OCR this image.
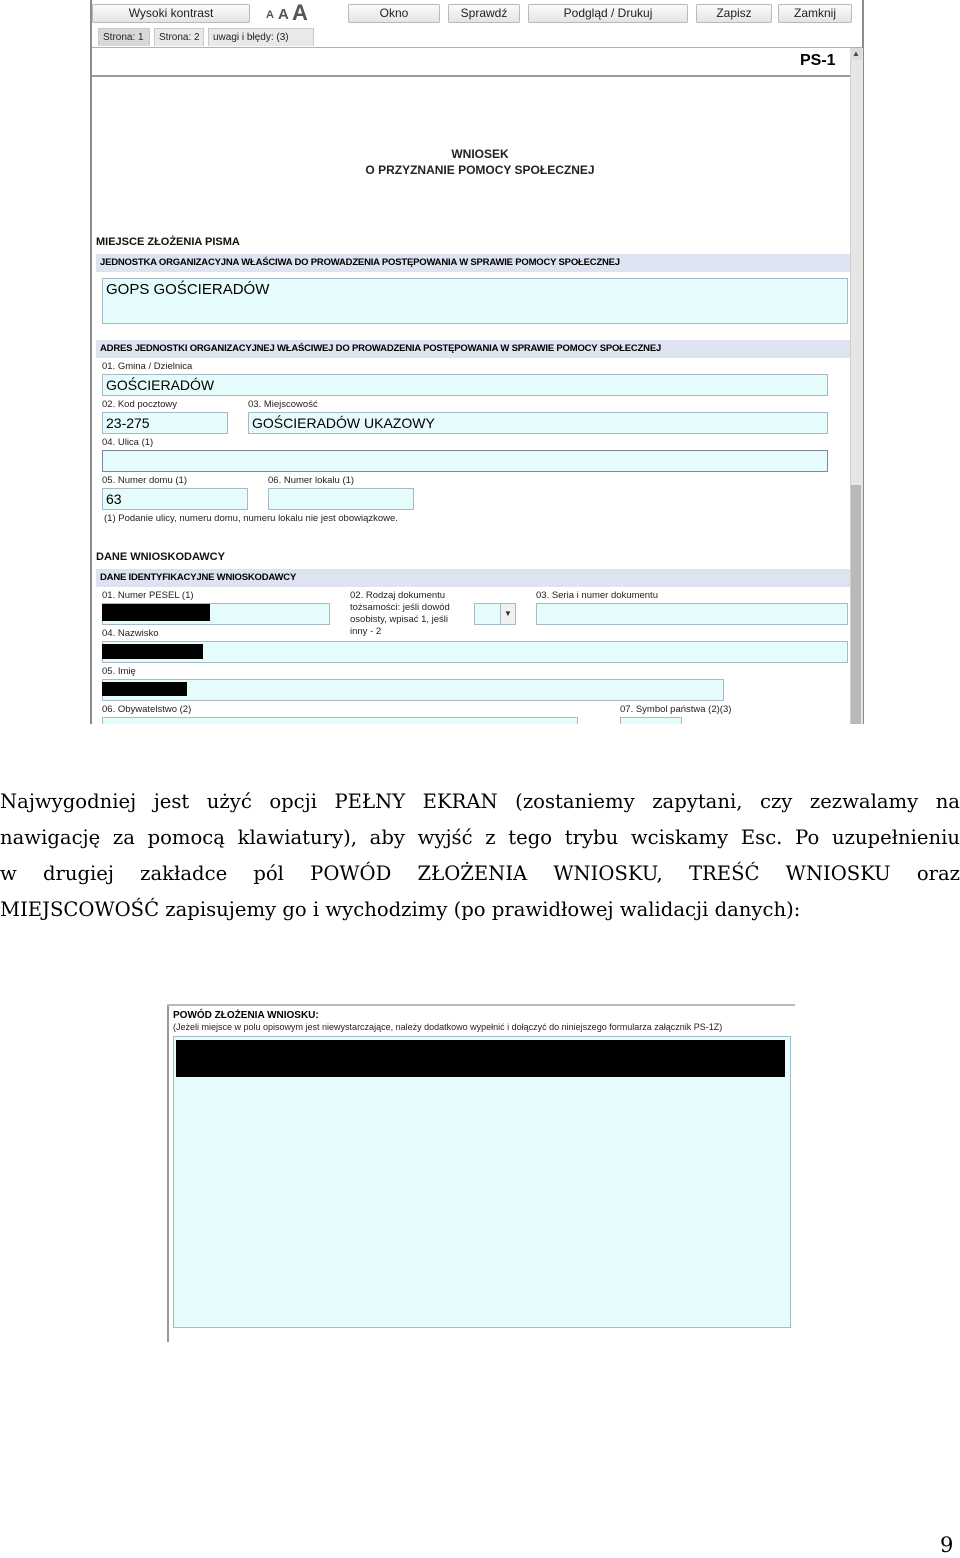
Wysoki kontrast	A A A	Okno	Sprawdź	Podgląd / Drukuj	Zapisz	Zamknij
Strona: 1	Strona: 2	uwagi i błędy: (3)
▲
PS-1
WNIOSEK
O PRZYZNANIE POMOCY SPOŁECZNEJ
MIEJSCE ZŁOŻENIA PISMA
JEDNOSTKA ORGANIZACYJNA WŁAŚCIWA DO PROWADZENIA POSTĘPOWANIA W SPRAWIE POMOCY SPOŁECZNEJ
GOPS GOŚCIERADÓW
ADRES JEDNOSTKI ORGANIZACYJNEJ WŁAŚCIWEJ DO PROWADZENIA POSTĘPOWANIA W SPRAWIE POMOCY SPOŁECZNEJ
01. Gmina / Dzielnica
GOŚCIERADÓW
02. Kod pocztowy	03. Miejscowość
23-275	GOŚCIERADÓW UKAZOWY
04. Ulica (1)
05. Numer domu (1)	06. Numer lokalu (1)
63
(1) Podanie ulicy, numeru domu, numeru lokalu nie jest obowiązkowe.
DANE WNIOSKODAWCY
DANE IDENTYFIKACYJNE WNIOSKODAWCY
01. Numer PESEL (1)	02. Rodzaj dokumentu
tożsamości: jeśli dowód
osobisty, wpisać 1, jeśli
inny - 2
▼
03. Seria i numer dokumentu
04. Nazwisko
05. Imię
06. Obywatelstwo (2)	07. Symbol państwa (2)(3)
Najwygodniej jest użyć opcji PEŁNY EKRAN (zostaniemy zapytani, czy zezwalamy na
nawigację za pomocą klawiatury), aby wyjść z tego trybu wciskamy Esc. Po uzupełnieniu
w drugiej zakładce pól POWÓD ZŁOŻENIA WNIOSKU, TREŚĆ WNIOSKU oraz
MIEJSCOWOŚĆ zapisujemy go i wychodzimy (po prawidłowej walidacji danych):
POWÓD ZŁOŻENIA WNIOSKU:
(Jeżeli miejsce w polu opisowym jest niewystarczające, należy dodatkowo wypełnić i dołączyć do niniejszego formularza załącznik PS-1Z)
9
